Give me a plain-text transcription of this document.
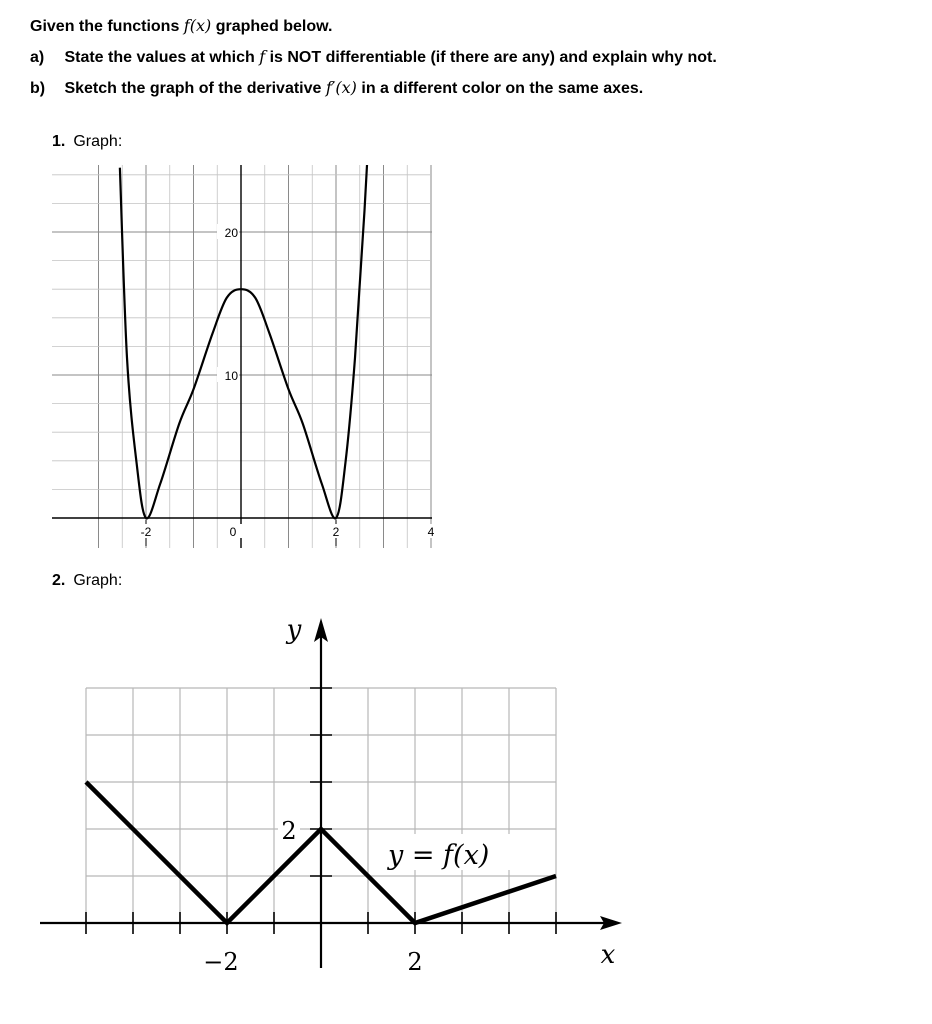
Given the functions f(x) graphed below.
a) State the values at which f is NOT differentiable (if there are any) and explain why not.
b) Sketch the graph of the derivative f′(x) in a different color on the same axes.
1. Graph:
-2	0	2	4
20
10
2. Graph:
−2	2
2
y
x
y = f(x)
